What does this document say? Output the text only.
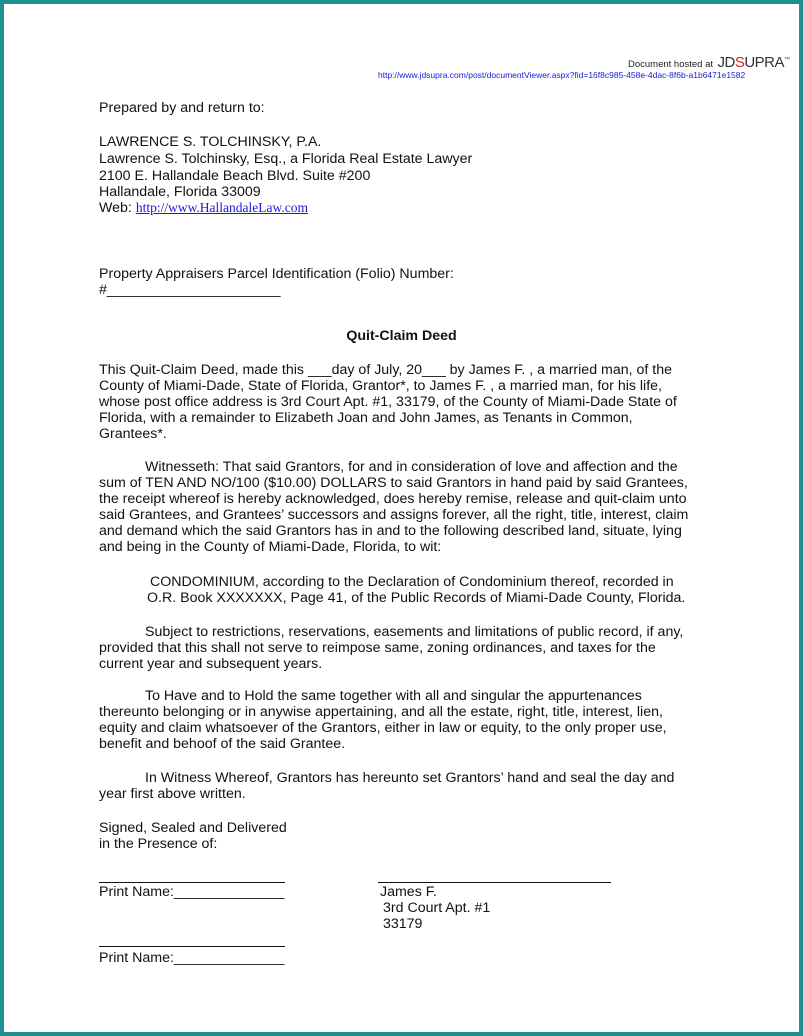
Document hosted at JDSUPRA™
http://www.jdsupra.com/post/documentViewer.aspx?fid=16f8c985-458e-4dac-8f6b-a1b6471e1582
Prepared by and return to:
LAWRENCE S. TOLCHINSKY, P.A.
Lawrence S. Tolchinsky, Esq., a Florida Real Estate Lawyer
2100 E. Hallandale Beach Blvd. Suite #200
Hallandale, Florida 33009
Web: http://www.HallandaleLaw.com
Property Appraisers Parcel Identification (Folio) Number:
#______________________
Quit-Claim Deed
This Quit-Claim Deed, made this ___day of July, 20___ by James F. , a married man, of the
County of Miami-Dade, State of Florida, Grantor*, to James F. , a married man, for his life,
whose post office address is 3rd Court Apt. #1, 33179, of the County of Miami-Dade State of
Florida, with a remainder to Elizabeth Joan and John James, as Tenants in Common,
Grantees*.
Witnesseth: That said Grantors, for and in consideration of love and affection and the
sum of TEN AND NO/100 ($10.00) DOLLARS to said Grantors in hand paid by said Grantees,
the receipt whereof is hereby acknowledged, does hereby remise, release and quit-claim unto
said Grantees, and Grantees’ successors and assigns forever, all the right, title, interest, claim
and demand which the said Grantors has in and to the following described land, situate, lying
and being in the County of Miami-Dade, Florida, to wit:
CONDOMINIUM, according to the Declaration of Condominium thereof, recorded in
O.R. Book XXXXXXX, Page 41, of the Public Records of Miami-Dade County, Florida.
Subject to restrictions, reservations, easements and limitations of public record, if any,
provided that this shall not serve to reimpose same, zoning ordinances, and taxes for the
current year and subsequent years.
To Have and to Hold the same together with all and singular the appurtenances
thereunto belonging or in anywise appertaining, and all the estate, right, title, interest, lien,
equity and claim whatsoever of the Grantors, either in law or equity, to the only proper use,
benefit and behoof of the said Grantee.
In Witness Whereof, Grantors has hereunto set Grantors’ hand and seal the day and
year first above written.
Signed, Sealed and Delivered
in the Presence of:
Print Name:______________	James F.
3rd Court Apt. #1
33179
Print Name:______________
